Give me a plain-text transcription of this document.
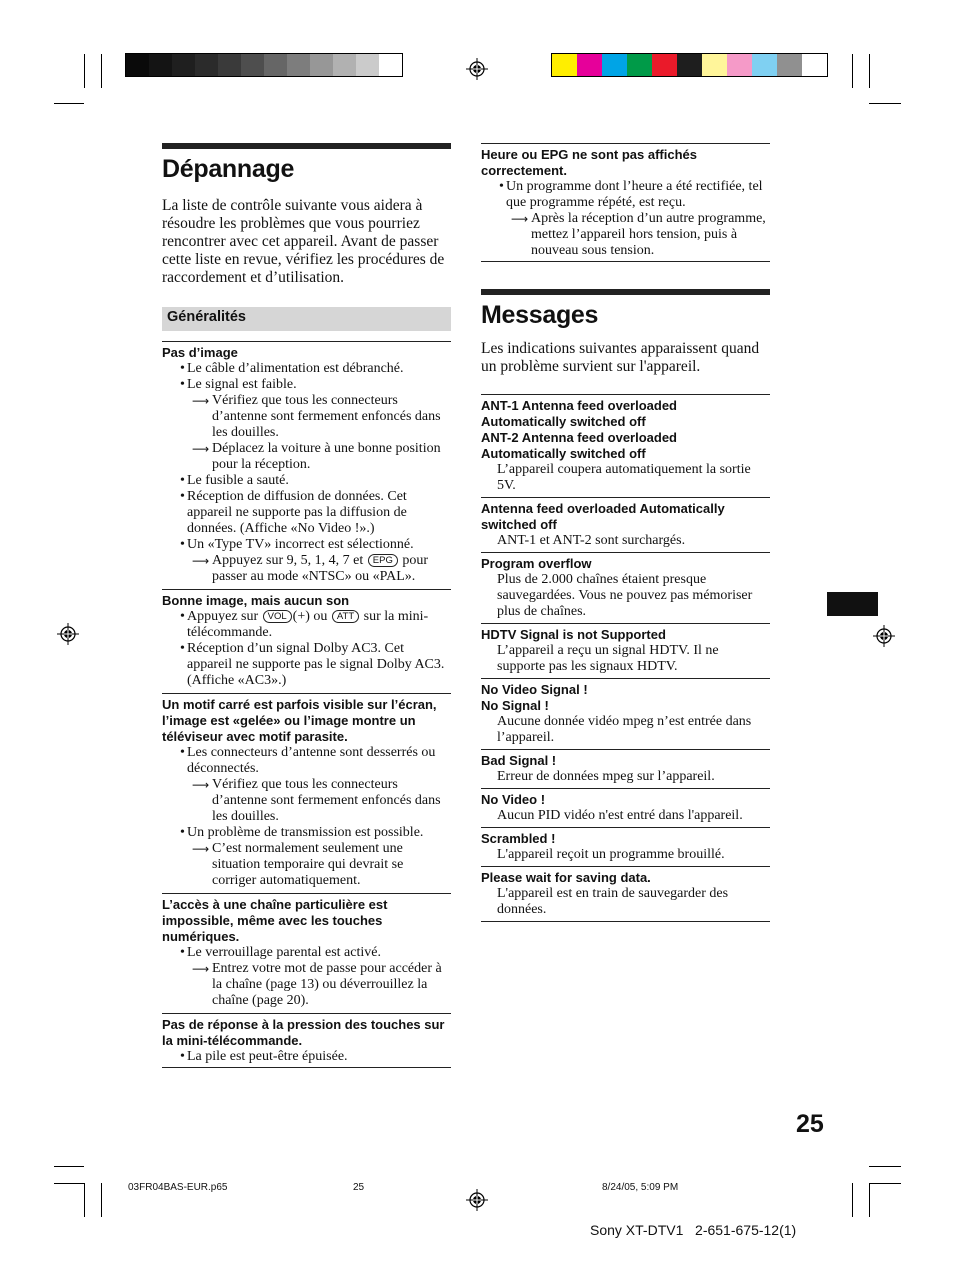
Dépannage
La liste de contrôle suivante vous aidera à résoudre les problèmes que vous pourriez rencontrer avec cet appareil. Avant de passer cette liste en revue, vérifiez les procédures de raccordement et d’utilisation.
Généralités
Pas d’image
• Le câble d’alimentation est débranché.
• Le signal est faible.
⟶ Vérifiez que tous les connecteurs d’antenne sont fermement enfoncés dans les douilles.
⟶ Déplacez la voiture à une bonne position pour la réception.
• Le fusible a sauté.
• Réception de diffusion de données. Cet appareil ne supporte pas la diffusion de données. (Affiche «No Video !».)
• Un «Type TV» incorrect est sélectionné.
⟶ Appuyez sur 9, 5, 1, 4, 7 et EPG pour passer au mode «NTSC» ou «PAL».
Bonne image, mais aucun son
• Appuyez sur VOL (+) ou ATT sur la mini-télécommande.
• Réception d’un signal Dolby AC3. Cet appareil ne supporte pas le signal Dolby AC3. (Affiche «AC3».)
Un motif carré est parfois visible sur l’écran, l’image est «gelée» ou l’image montre un téléviseur avec motif parasite.
• Les connecteurs d’antenne sont desserrés ou déconnectés.
⟶ Vérifiez que tous les connecteurs d’antenne sont fermement enfoncés dans les douilles.
• Un problème de transmission est possible.
⟶ C’est normalement seulement une situation temporaire qui devrait se corriger automatiquement.
L’accès à une chaîne particulière est impossible, même avec les touches numériques.
• Le verrouillage parental est activé.
⟶ Entrez votre mot de passe pour accéder à la chaîne (page 13) ou déverrouillez la chaîne (page 20).
Pas de réponse à la pression des touches sur la mini-télécommande.
• La pile est peut-être épuisée.
Heure ou EPG ne sont pas affichés correctement.
• Un programme dont l’heure a été rectifiée, tel que programme répété, est reçu.
⟶ Après la réception d’un autre programme, mettez l’appareil hors tension, puis à nouveau sous tension.
Messages
Les indications suivantes apparaissent quand un problème survient sur l'appareil.
ANT-1 Antenna feed overloaded
Automatically switched off
ANT-2 Antenna feed overloaded
Automatically switched off
L’appareil coupera automatiquement la sortie 5V.
Antenna feed overloaded Automatically switched off
ANT-1 et ANT-2 sont surchargés.
Program overflow
Plus de 2.000 chaînes étaient presque sauvegardées. Vous ne pouvez pas mémoriser plus de chaînes.
HDTV Signal is not Supported
L’appareil a reçu un signal HDTV. Il ne supporte pas les signaux HDTV.
No Video Signal !
No Signal !
Aucune donnée vidéo mpeg n’est entrée dans l’appareil.
Bad Signal !
Erreur de données mpeg sur l’appareil.
No Video !
Aucun PID vidéo n'est entré dans l'appareil.
Scrambled !
L'appareil reçoit un programme brouillé.
Please wait for saving data.
L'appareil est en train de sauvegarder des données.
25
03FR04BAS-EUR.p65	25	8/24/05, 5:09 PM
Sony XT-DTV1   2-651-675-12(1)
